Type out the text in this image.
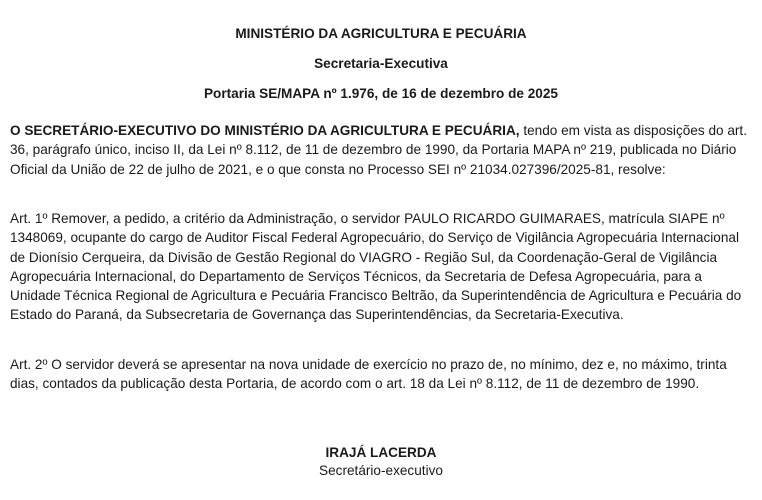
MINISTÉRIO DA AGRICULTURA E PECUÁRIA
Secretaria-Executiva
Portaria SE/MAPA nº 1.976, de 16 de dezembro de 2025

O SECRETÁRIO-EXECUTIVO DO MINISTÉRIO DA AGRICULTURA E PECUÁRIA, tendo em vista as disposições do art. 36, parágrafo único, inciso II, da Lei nº 8.112, de 11 de dezembro de 1990, da Portaria MAPA nº 219, publicada no Diário Oficial da União de 22 de julho de 2021, e o que consta no Processo SEI nº 21034.027396/2025-81, resolve:

Art. 1º Remover, a pedido, a critério da Administração, o servidor PAULO RICARDO GUIMARAES, matrícula SIAPE nº 1348069, ocupante do cargo de Auditor Fiscal Federal Agropecuário, do Serviço de Vigilância Agropecuária Internacional de Dionísio Cerqueira, da Divisão de Gestão Regional do VIAGRO - Região Sul, da Coordenação-Geral de Vigilância Agropecuária Internacional, do Departamento de Serviços Técnicos, da Secretaria de Defesa Agropecuária, para a Unidade Técnica Regional de Agricultura e Pecuária Francisco Beltrão, da Superintendência de Agricultura e Pecuária do Estado do Paraná, da Subsecretaria de Governança das Superintendências, da Secretaria-Executiva.

Art. 2º O servidor deverá se apresentar na nova unidade de exercício no prazo de, no mínimo, dez e, no máximo, trinta dias, contados da publicação desta Portaria, de acordo com o art. 18 da Lei nº 8.112, de 11 de dezembro de 1990.

IRAJÁ LACERDA
Secretário-executivo
